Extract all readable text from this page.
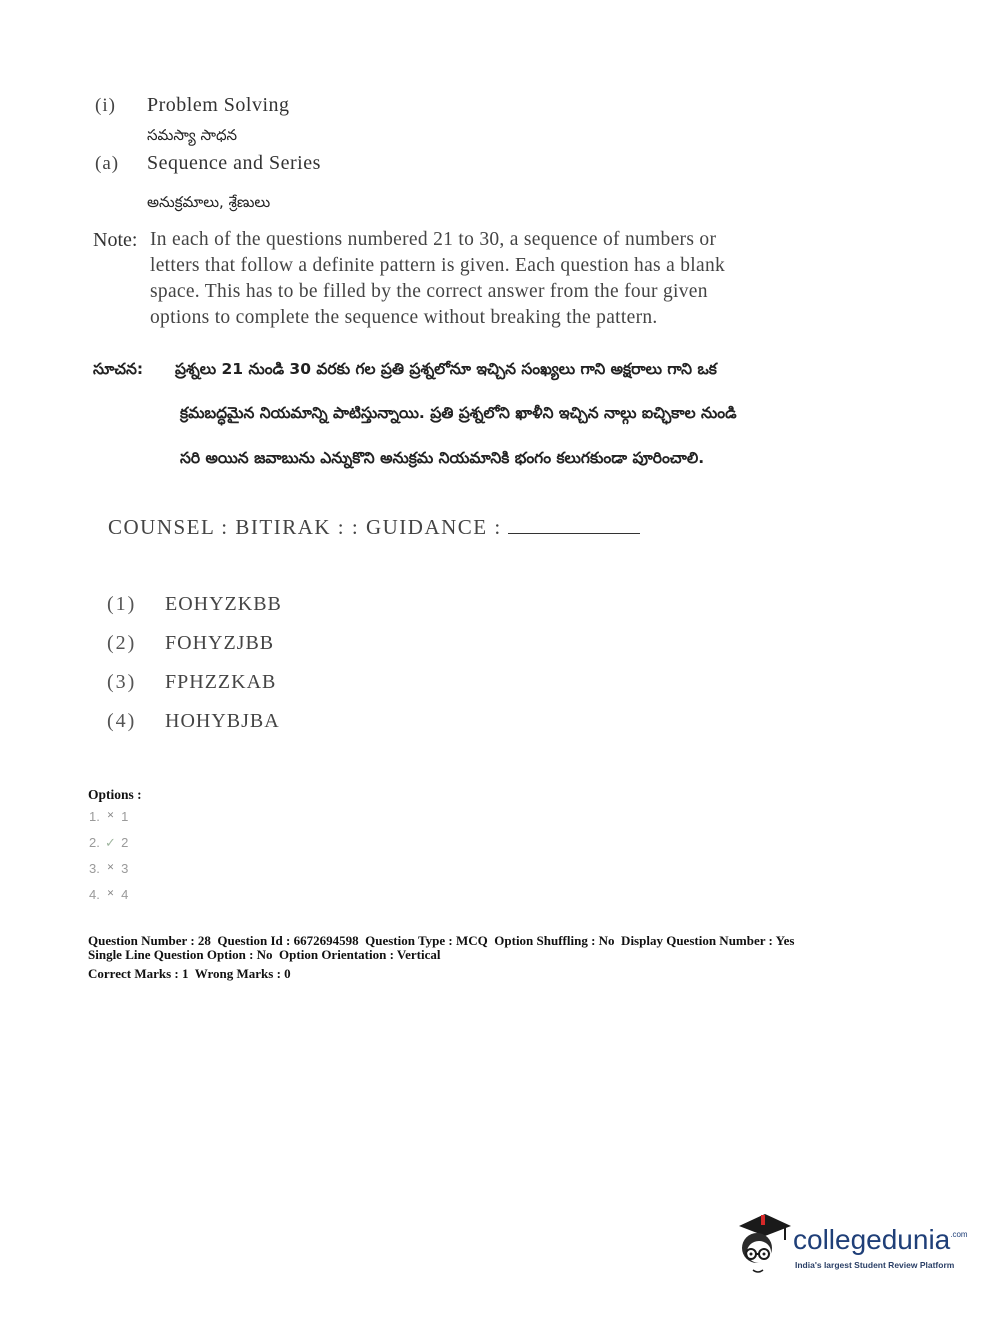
(i) Problem Solving
సమస్యా సాధన
(a) Sequence and Series
అనుక్రమాలు, శ్రేణులు
Note: In each of the questions numbered 21 to 30, a sequence of numbers or
letters that follow a definite pattern is given. Each question has a blank
space. This has to be filled by the correct answer from the four given
options to complete the sequence without breaking the pattern.
సూచన: ప్రశ్నలు 21 నుండి 30 వరకు గల ప్రతి ప్రశ్నలోనూ ఇచ్చిన సంఖ్యలు గాని అక్షరాలు గాని ఒక
క్రమబద్ధమైన నియమాన్ని పాటిస్తున్నాయి. ప్రతి ప్రశ్నలోని ఖాళీని ఇచ్చిన నాల్గు ఐచ్ఛికాల నుండి
సరి అయిన జవాబును ఎన్నుకొని అనుక్రమ నియమానికి భంగం కలుగకుండా పూరించాలి.
COUNSEL : BITIRAK : : GUIDANCE :
(1) EOHYZKBB
(2) FOHYZJBB
(3) FPHZZKAB
(4) HOHYBJBA
Options :
1. ✕ 1
2. ✓ 2
3. ✕ 3
4. ✕ 4
Question Number : 28  Question Id : 6672694598  Question Type : MCQ  Option Shuffling : No  Display Question Number : Yes
Single Line Question Option : No  Option Orientation : Vertical
Correct Marks : 1  Wrong Marks : 0
collegedunia$^{.com}$
India's largest Student Review Platform
